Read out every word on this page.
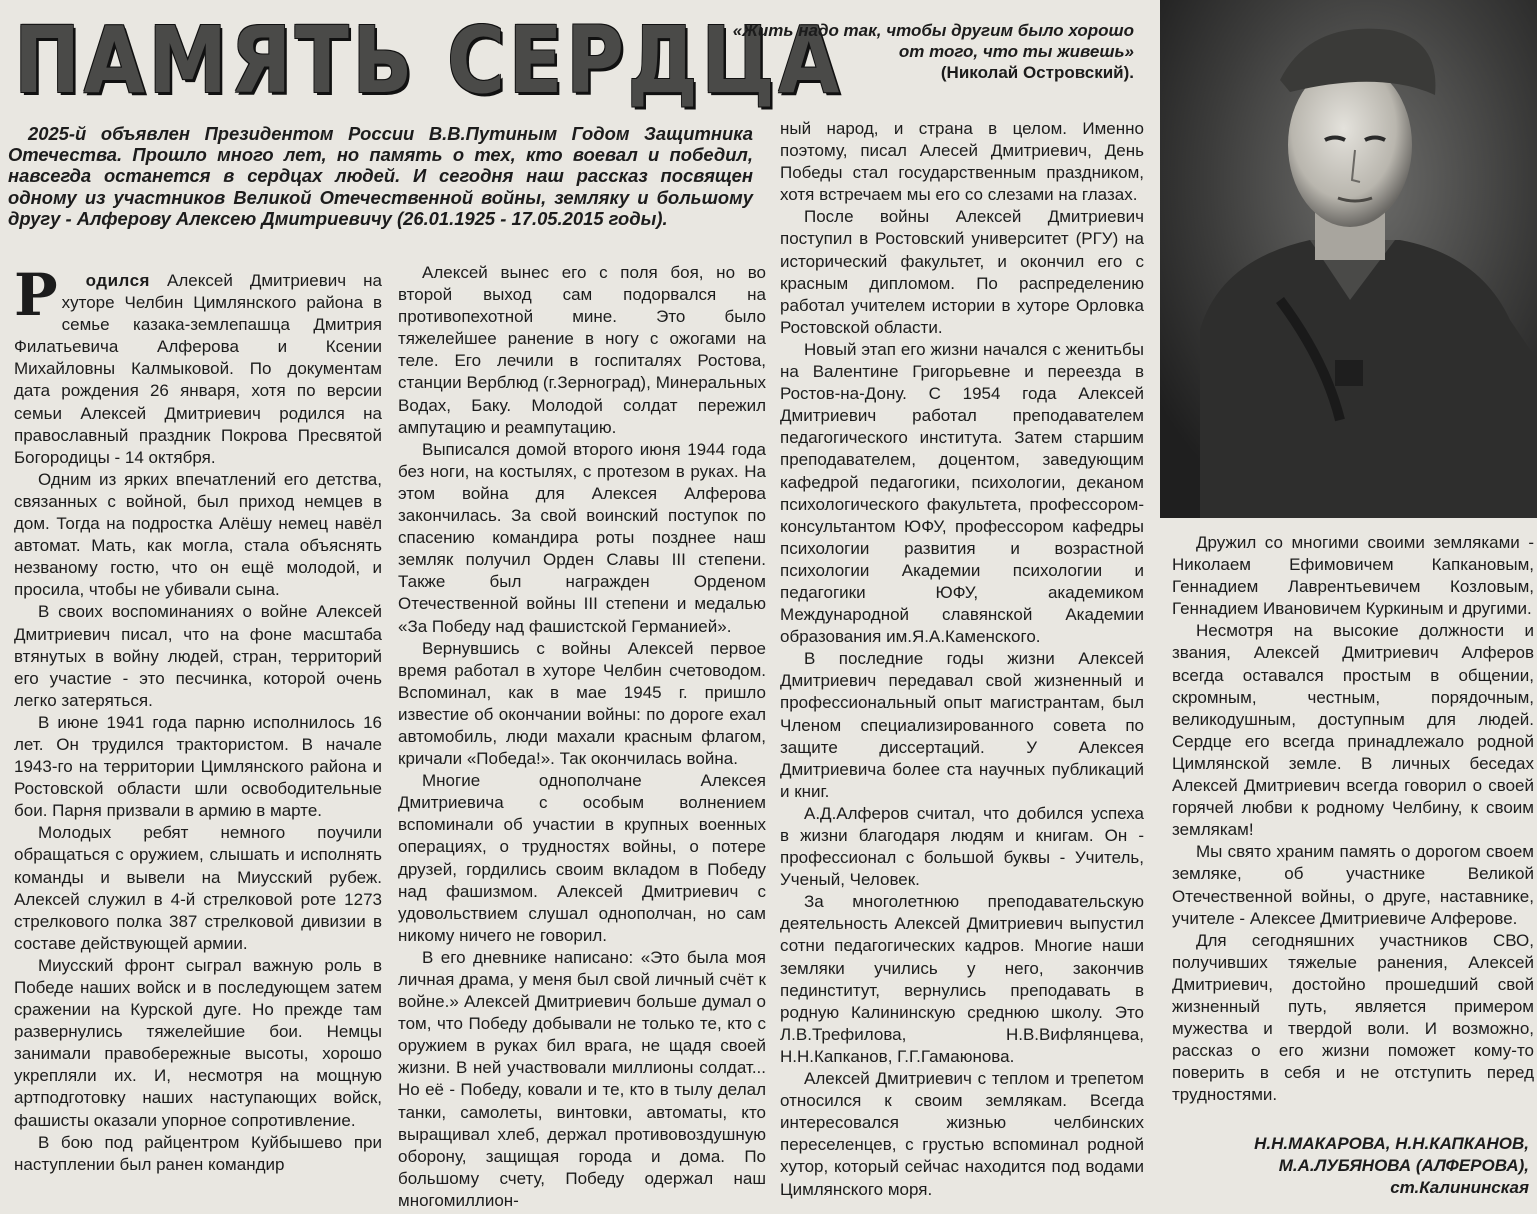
ПАМЯТЬ СЕРДЦА
«Жить надо так, чтобы другим было хорошо от того, что ты живешь»
(Николай Островский).

2025-й объявлен Президентом России В.В.Путиным Годом Защитника Отечества. Прошло много лет, но память о тех, кто воевал и победил, навсегда останется в сердцах людей. И сегодня наш рассказ посвящен одному из участников Великой Отечественной войны, земляку и большому другу - Алферову Алексею Дмитриевичу (26.01.1925 - 17.05.2015 годы).

Р одился Алексей Дмитриевич на хуторе Челбин Цимлянского района в семье казака-землепашца Дмитрия Филатьевича Алферова и Ксении Михайловны Калмыковой. По документам дата рождения 26 января, хотя по версии семьи Алексей Дмитриевич родился на православный праздник Покрова Пресвятой Богородицы - 14 октября.

Одним из ярких впечатлений его детства, связанных с войной, был приход немцев в дом. Тогда на подростка Алёшу немец навёл автомат. Мать, как могла, стала объяснять незваному гостю, что он ещё молодой, и просила, чтобы не убивали сына.

В своих воспоминаниях о войне Алексей Дмитриевич писал, что на фоне масштаба втянутых в войну людей, стран, территорий его участие - это песчинка, которой очень легко затеряться.

В июне 1941 года парню исполнилось 16 лет. Он трудился трактористом. В начале 1943-го на территории Цимлянского района и Ростовской области шли освободительные бои. Парня призвали в армию в марте.

Молодых ребят немного поучили обращаться с оружием, слышать и исполнять команды и вывели на Миусский рубеж. Алексей служил в 4-й стрелковой роте 1273 стрелкового полка 387 стрелковой дивизии в составе действующей армии.

Миусский фронт сыграл важную роль в Победе наших войск и в последующем затем сражении на Курской дуге. Но прежде там развернулись тяжелейшие бои. Немцы занимали правобережные высоты, хорошо укрепляли их. И, несмотря на мощную артподготовку наших наступающих войск, фашисты оказали упорное сопротивление.

В бою под райцентром Куйбышево при наступлении был ранен командир

Алексей вынес его с поля боя, но во второй выход сам подорвался на противопехотной мине. Это было тяжелейшее ранение в ногу с ожогами на теле. Его лечили в госпиталях Ростова, станции Верблюд (г.Зерноград), Минеральных Водах, Баку. Молодой солдат пережил ампутацию и реампутацию.

Выписался домой второго июня 1944 года без ноги, на костылях, с протезом в руках. На этом война для Алексея Алферова закончилась. За свой воинский поступок по спасению командира роты позднее наш земляк получил Орден Славы III степени. Также был награжден Орденом Отечественной войны III степени и медалью «За Победу над фашистской Германией».

Вернувшись с войны Алексей первое время работал в хуторе Челбин счетоводом. Вспоминал, как в мае 1945 г. пришло известие об окончании войны: по дороге ехал автомобиль, люди махали красным флагом, кричали «Победа!». Так окончилась война.

Многие однополчане Алексея Дмитриевича с особым волнением вспоминали об участии в крупных военных операциях, о трудностях войны, о потере друзей, гордились своим вкладом в Победу над фашизмом. Алексей Дмитриевич с удовольствием слушал однополчан, но сам никому ничего не говорил.

В его дневнике написано: «Это была моя личная драма, у меня был свой личный счёт к войне.» Алексей Дмитриевич больше думал о том, что Победу добывали не только те, кто с оружием в руках бил врага, не щадя своей жизни. В ней участвовали миллионы солдат... Но её - Победу, ковали и те, кто в тылу делал танки, самолеты, винтовки, автоматы, кто выращивал хлеб, держал противовоздушную оборону, защищая города и дома. По большому счету, Победу одержал наш многомиллион-

ный народ, и страна в целом. Именно поэтому, писал Алесей Дмитриевич, День Победы стал государственным праздником, хотя встречаем мы его со слезами на глазах.

После войны Алексей Дмитриевич поступил в Ростовский университет (РГУ) на исторический факультет, и окончил его с красным дипломом. По распределению работал учителем истории в хуторе Орловка Ростовской области.

Новый этап его жизни начался с женитьбы на Валентине Григорьевне и переезда в Ростов-на-Дону. С 1954 года Алексей Дмитриевич работал преподавателем педагогического института. Затем старшим преподавателем, доцентом, заведующим кафедрой педагогики, психологии, деканом психологического факультета, профессором-консультантом ЮФУ, профессором кафедры психологии развития и возрастной психологии Академии психологии и педагогики ЮФУ, академиком Международной славянской Академии образования им.Я.А.Каменского.

В последние годы жизни Алексей Дмитриевич передавал свой жизненный и профессиональный опыт магистрантам, был Членом специализированного совета по защите диссертаций. У Алексея Дмитриевича более ста научных публикаций и книг.

А.Д.Алферов считал, что добился успеха в жизни благодаря людям и книгам. Он - профессионал с большой буквы - Учитель, Ученый, Человек.

За многолетнюю преподавательскую деятельность Алексей Дмитриевич выпустил сотни педагогических кадров. Многие наши земляки учились у него, закончив пединститут, вернулись преподавать в родную Калининскую среднюю школу. Это Л.В.Трефилова, Н.В.Вифлянцева, Н.Н.Капканов, Г.Г.Гамаюнова.

Алексей Дмитриевич с теплом и трепетом относился к своим землякам. Всегда интересовался жизнью челбинских переселенцев, с грустью вспоминал родной хутор, который сейчас находится под водами Цимлянского моря.

Дружил со многими своими земляками - Николаем Ефимовичем Капкановым, Геннадием Лаврентьевичем Козловым, Геннадием Ивановичем Куркиным и другими.

Несмотря на высокие должности и звания, Алексей Дмитриевич Алферов всегда оставался простым в общении, скромным, честным, порядочным, великодушным, доступным для людей. Сердце его всегда принадлежало родной Цимлянской земле. В личных беседах Алексей Дмитриевич всегда говорил о своей горячей любви к родному Челбину, к своим землякам!

Мы свято храним память о дорогом своем земляке, об участнике Великой Отечественной войны, о друге, наставнике, учителе - Алексее Дмитриевиче Алферове.

Для сегодняшних участников СВО, получивших тяжелые ранения, Алексей Дмитриевич, достойно прошедший свой жизненный путь, является примером мужества и твердой воли. И возможно, рассказ о его жизни поможет кому-то поверить в себя и не отступить перед трудностями.

Н.Н.МАКАРОВА, Н.Н.КАПКАНОВ,
М.А.ЛУБЯНОВА (АЛФЕРОВА),
ст.Калининская
